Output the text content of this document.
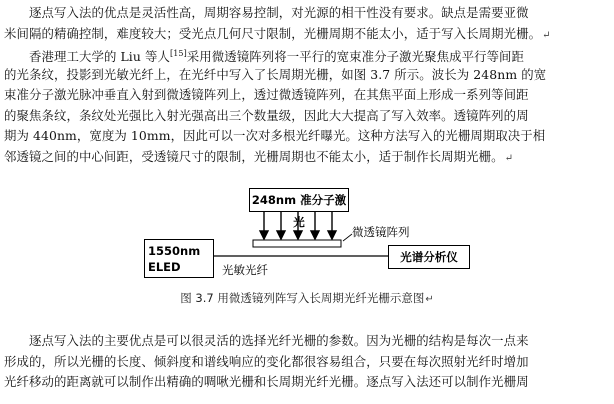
逐点写入法的优点是灵活性高，周期容易控制，对光源的相干性没有要求。缺点是需要亚微
米间隔的精确控制，难度较大；受光点几何尺寸限制，光栅周期不能太小，适于写入长周期光栅。↵
香港理工大学的 Liu 等人[15]采用微透镜阵列将一平行的宽束准分子激光聚焦成平行等间距
的光条纹，投影到光敏光纤上，在光纤中写入了长周期光栅，如图 3.7 所示。波长为 248nm 的宽
束准分子激光脉冲垂直入射到微透镜阵列上，透过微透镜阵列，在其焦平面上形成一系列等间距
的聚焦条纹，条纹处光强比入射光强高出三个数量级，因此大大提高了写入效率。透镜阵列的周
期为 440nm，宽度为 10mm，因此可以一次对多根光纤曝光。这种方法写入的光栅周期取决于相
邻透镜之间的中心间距，受透镜尺寸的限制，光栅周期也不能太小，适于制作长周期光栅。↵
248nm 准分子激光
微透镜阵列
1550nm
ELED	光敏光纤
光谱分析仪
图 3.7 用微透镜列阵写入长周期光纤光栅示意图↵
逐点写入法的主要优点是可以很灵活的选择光纤光栅的参数。因为光栅的结构是每次一点来
形成的，所以光栅的长度、倾斜度和谱线响应的变化都很容易组合，只要在每次照射光纤时增加
光纤移动的距离就可以制作出精确的啁啾光栅和长周期光纤光栅。逐点写入法还可以制作光栅周
